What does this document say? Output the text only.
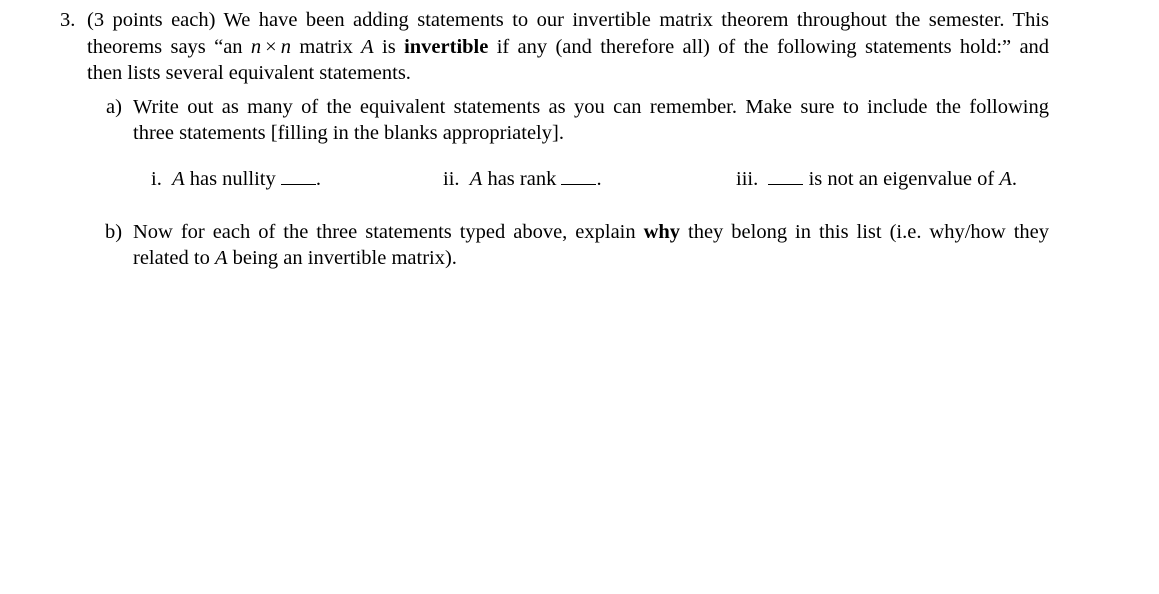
3. (3 points each) We have been adding statements to our invertible matrix theorem throughout the semester. This
theorems says “an n × n matrix A is invertible if any (and therefore all) of the following statements hold:” and
then lists several equivalent statements.
a) Write out as many of the equivalent statements as you can remember. Make sure to include the following
three statements [filling in the blanks appropriately].
i. A has nullity .	ii. A has rank .	iii. is not an eigenvalue of A.
b) Now for each of the three statements typed above, explain why they belong in this list (i.e. why/how they
related to A being an invertible matrix).
